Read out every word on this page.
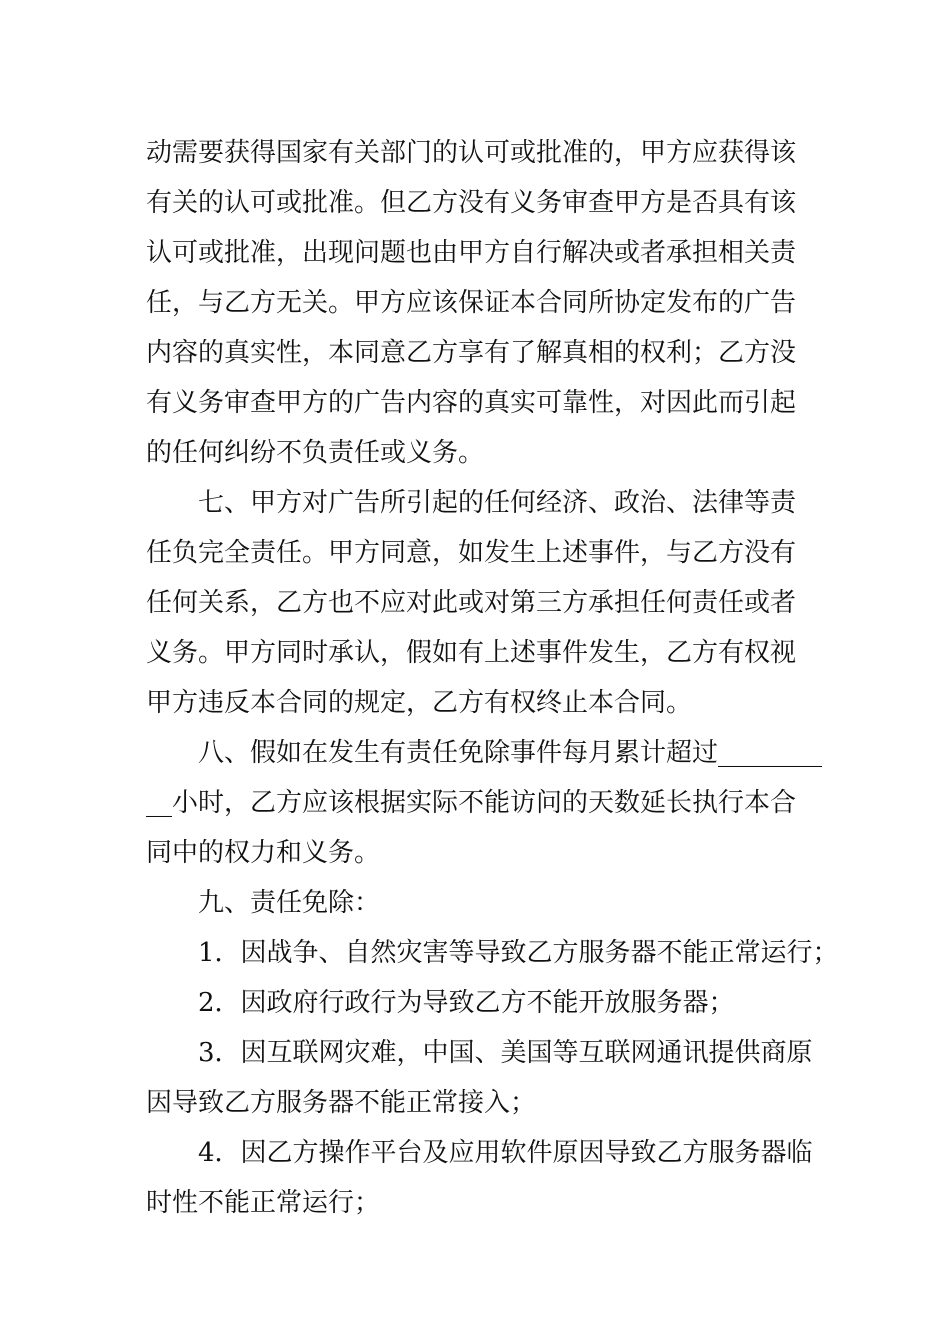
动需要获得国家有关部门的认可或批准的，甲方应获得该
有关的认可或批准。但乙方没有义务审查甲方是否具有该
认可或批准，出现问题也由甲方自行解决或者承担相关责
任，与乙方无关。甲方应该保证本合同所协定发布的广告
内容的真实性，本同意乙方享有了解真相的权利；乙方没
有义务审查甲方的广告内容的真实可靠性，对因此而引起
的任何纠纷不负责任或义务。
七、甲方对广告所引起的任何经济、政治、法律等责
任负完全责任。甲方同意，如发生上述事件，与乙方没有
任何关系，乙方也不应对此或对第三方承担任何责任或者
义务。甲方同时承认，假如有上述事件发生，乙方有权视
甲方违反本合同的规定，乙方有权终止本合同。
八、假如在发生有责任免除事件每月累计超过________
__小时，乙方应该根据实际不能访问的天数延长执行本合
同中的权力和义务。
九、责任免除：
1．因战争、自然灾害等导致乙方服务器不能正常运行；
2．因政府行政行为导致乙方不能开放服务器；
3．因互联网灾难，中国、美国等互联网通讯提供商原
因导致乙方服务器不能正常接入；
4．因乙方操作平台及应用软件原因导致乙方服务器临
时性不能正常运行；
